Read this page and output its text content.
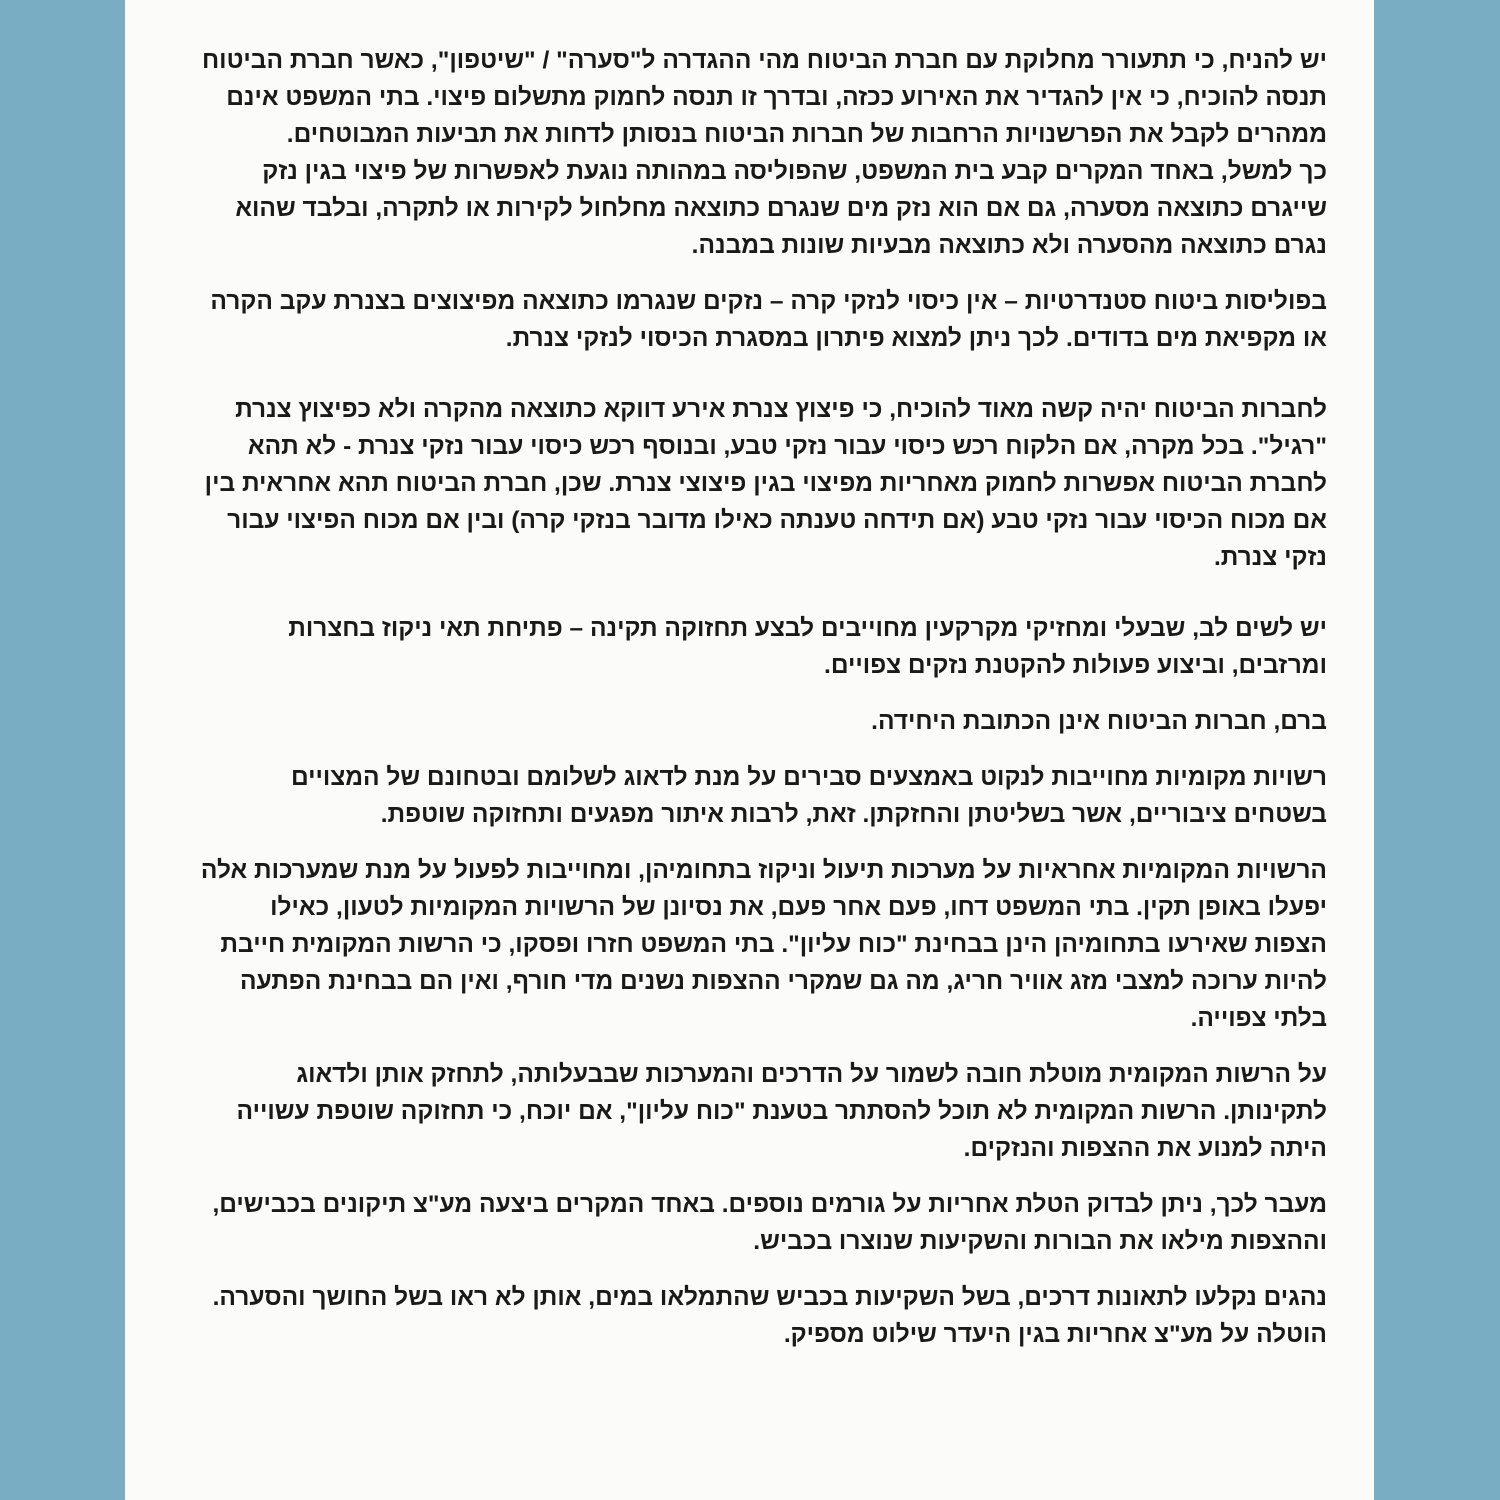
יש להניח, כי תתעורר מחלוקת עם חברת הביטוח מהי ההגדרה ל"סערה" / "שיטפון", כאשר חברת הביטוח תנסה להוכיח, כי אין להגדיר את האירוע ככזה, ובדרך זו תנסה לחמוק מתשלום פיצוי. בתי המשפט אינם ממהרים לקבל את הפרשנויות הרחבות של חברות הביטוח בנסותן לדחות את תביעות המבוטחים.

כך למשל, באחד המקרים קבע בית המשפט, שהפוליסה במהותה נוגעת לאפשרות של פיצוי בגין נזק שייגרם כתוצאה מסערה, גם אם הוא נזק מים שנגרם כתוצאה מחלחול לקירות או לתקרה, ובלבד שהוא נגרם כתוצאה מהסערה ולא כתוצאה מבעיות שונות במבנה.

בפוליסות ביטוח סטנדרטיות – אין כיסוי לנזקי קרה – נזקים שנגרמו כתוצאה מפיצוצים בצנרת עקב הקרה או מקפיאת מים בדודים. לכך ניתן למצוא פיתרון במסגרת הכיסוי לנזקי צנרת.

לחברות הביטוח יהיה קשה מאוד להוכיח, כי פיצוץ צנרת אירע דווקא כתוצאה מהקרה ולא כפיצוץ צנרת "רגיל". בכל מקרה, אם הלקוח רכש כיסוי עבור נזקי טבע, ובנוסף רכש כיסוי עבור נזקי צנרת - לא תהא לחברת הביטוח אפשרות לחמוק מאחריות מפיצוי בגין פיצוצי צנרת. שכן, חברת הביטוח תהא אחראית בין אם מכוח הכיסוי עבור נזקי טבע (אם תידחה טענתה כאילו מדובר בנזקי קרה) ובין אם מכוח הפיצוי עבור נזקי צנרת.

יש לשים לב, שבעלי ומחזיקי מקרקעין מחוייבים לבצע תחזוקה תקינה – פתיחת תאי ניקוז בחצרות ומרזבים, וביצוע פעולות להקטנת נזקים צפויים.

ברם, חברות הביטוח אינן הכתובת היחידה.

רשויות מקומיות מחוייבות לנקוט באמצעים סבירים על מנת לדאוג לשלומם ובטחונם של המצויים בשטחים ציבוריים, אשר בשליטתן והחזקתן. זאת, לרבות איתור מפגעים ותחזוקה שוטפת.

הרשויות המקומיות אחראיות על מערכות תיעול וניקוז בתחומיהן, ומחוייבות לפעול על מנת שמערכות אלה יפעלו באופן תקין. בתי המשפט דחו, פעם אחר פעם, את נסיונן של הרשויות המקומיות לטעון, כאילו הצפות שאירעו בתחומיהן הינן בבחינת "כוח עליון". בתי המשפט חזרו ופסקו, כי הרשות המקומית חייבת להיות ערוכה למצבי מזג אוויר חריג, מה גם שמקרי ההצפות נשנים מדי חורף, ואין הם בבחינת הפתעה בלתי צפוייה.

על הרשות המקומית מוטלת חובה לשמור על הדרכים והמערכות שבבעלותה, לתחזק אותן ולדאוג לתקינותן. הרשות המקומית לא תוכל להסתתר בטענת "כוח עליון", אם יוכח, כי תחזוקה שוטפת עשוייה היתה למנוע את ההצפות והנזקים.

מעבר לכך, ניתן לבדוק הטלת אחריות על גורמים נוספים. באחד המקרים ביצעה מע"צ תיקונים בכבישים, וההצפות מילאו את הבורות והשקיעות שנוצרו בכביש.

נהגים נקלעו לתאונות דרכים, בשל השקיעות בכביש שהתמלאו במים, אותן לא ראו בשל החושך והסערה. הוטלה על מע"צ אחריות בגין היעדר שילוט מספיק.
